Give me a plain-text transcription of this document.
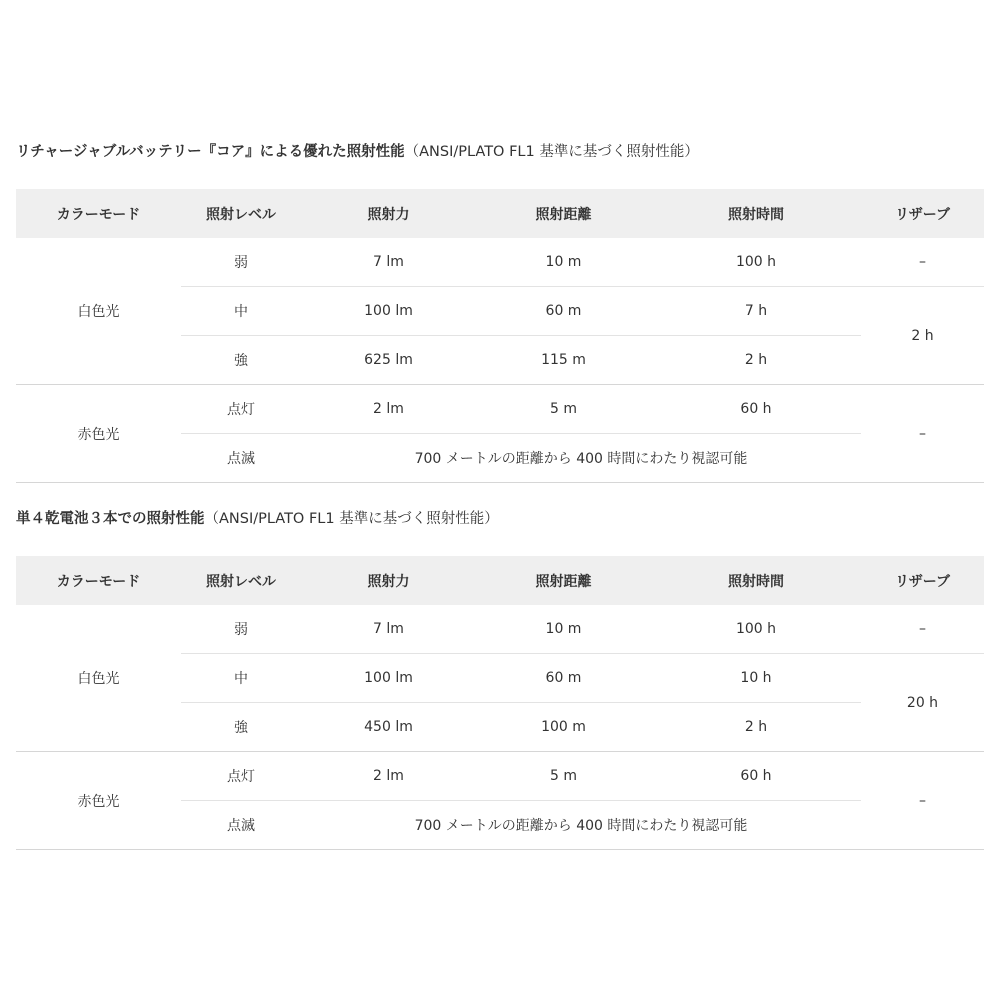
リチャージャブルバッテリー『コア』による優れた照射性能（ANSI/PLATO FL1 基準に基づく照射性能）
カラーモード	照射レベル	照射力	照射距離	照射時間	リザーブ
白色光	弱	7 lm	10 m	100 h	–
	中	100 lm	60 m	7 h	2 h
	強	625 lm	115 m	2 h	
赤色光	点灯	2 lm	5 m	60 h	–
	点滅	700 メートルの距離から 400 時間にわたり視認可能			
単４乾電池３本での照射性能（ANSI/PLATO FL1 基準に基づく照射性能）
カラーモード	照射レベル	照射力	照射距離	照射時間	リザーブ
白色光	弱	7 lm	10 m	100 h	–
	中	100 lm	60 m	10 h	20 h
	強	450 lm	100 m	2 h	
赤色光	点灯	2 lm	5 m	60 h	–
	点滅	700 メートルの距離から 400 時間にわたり視認可能			
